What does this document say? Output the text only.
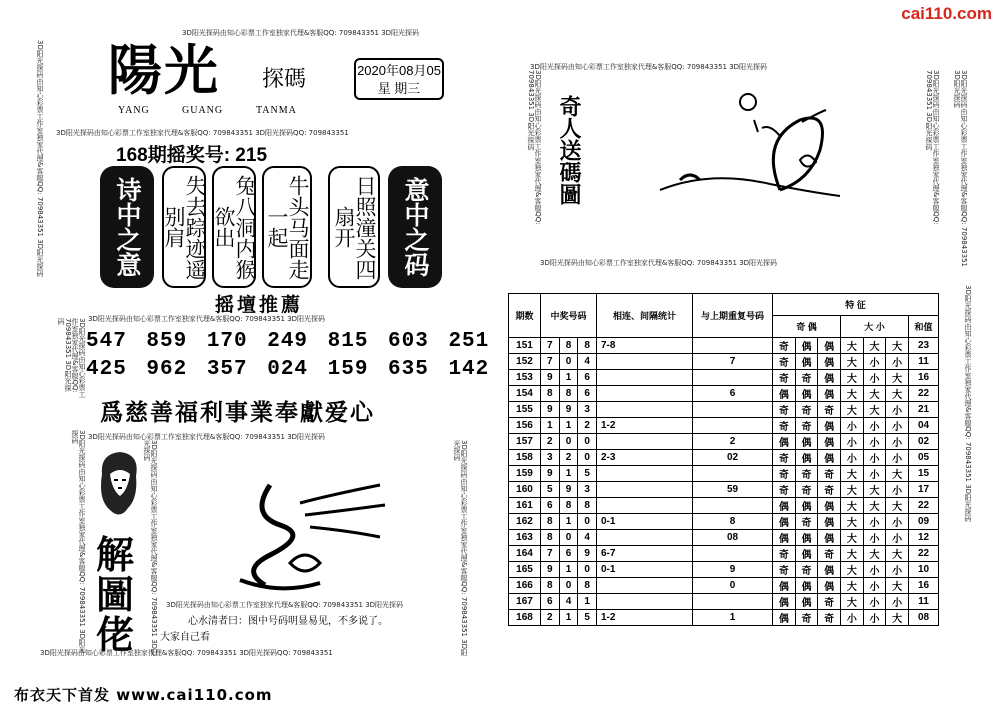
cai110.com
3D阳光探码由知心彩票工作室独家代理&客服QQ: 709843351 3D阳光探码
3D阳光探码由知心彩票工作室独家代理&客服QQ: 709843351 3D阳光探码 陽光 探碼
YANG	GUANG	TANMA
2020年08月05
星 期三
3D阳光探码由知心彩票工作室独家代理&客服QQ: 709843351 3D阳光探码QQ: 709843351
168期摇奖号: 215
诗中之意	失去踪迹遥别肩	兔八洞内猴欲出	牛头马面走一起	日照潼关四扇开	意中之码
摇壇推薦
3D阳光探码由知心彩票工作室独家代理&客服QQ: 709843351 3D阳光探码
3D阳光探码由知心彩票工作室独家代理&客服QQ: 709843351 3D阳光探码
547 859 170 249 815 603 251
425 962 357 024 159 635 142
爲慈善福利事業奉獻爱心
3D阳光探码由知心彩票工作室独家代理&客服QQ: 709843351 3D阳光探码
3D阳光探码由知心彩票工作室独家代理&客服QQ: 709843351 3D阳光探码
3D阳光探码由知心彩票工作室独家代理&客服QQ: 709843351 3D阳光探码	3D阳光探码由知心彩票工作室独家代理&客服QQ: 709843351 3D阳光探码
解
圖
佬	心水清者曰：图中号码明显易见，不多说了。
大家自己看
3D阳光探码由知心彩票工作室独家代理&客服QQ: 709843351 3D阳光探码
3D阳光探码由知心彩票工作室独家代理&客服QQ: 709843351 3D阳光探码QQ: 709843351
布衣天下首发 www.cai110.com
3D阳光探码由知心彩票工作室独家代理&客服QQ: 709843351 3D阳光探码
3D阳光探码由知心彩票工作室独家代理&客服QQ: 709843351 3D阳光探码	3D阳光探码由知心彩票工作室独家代理&客服QQ: 709843351 3D阳光探码	3D阳光探码由知心彩票工作室独家代理&客服QQ: 709843351 3D阳光探码
奇人送碼圖
3D阳光探码由知心彩票工作室独家代理&客服QQ: 709843351 3D阳光探码
3D阳光探码由知心彩票工作室独家代理&客服QQ: 709843351 3D阳光探码
期数	中奖号码			相连、间隔统计	与上期重复号码	特 征						
						奇 偶			大 小			和值
151	7	8	8	7-8		奇	偶	偶	大	大	大	23
152	7	0	4		7	奇	偶	偶	大	小	小	11
153	9	1	6			奇	奇	偶	大	小	大	16
154	8	8	6		6	偶	偶	偶	大	大	大	22
155	9	9	3			奇	奇	奇	大	大	小	21
156	1	1	2	1-2		奇	奇	偶	小	小	小	04
157	2	0	0		2	偶	偶	偶	小	小	小	02
158	3	2	0	2-3	02	奇	偶	偶	小	小	小	05
159	9	1	5			奇	奇	奇	大	小	大	15
160	5	9	3		59	奇	奇	奇	大	大	小	17
161	6	8	8			偶	偶	偶	大	大	大	22
162	8	1	0	0-1	8	偶	奇	偶	大	小	小	09
163	8	0	4		08	偶	偶	偶	大	小	小	12
164	7	6	9	6-7		奇	偶	奇	大	大	大	22
165	9	1	0	0-1	9	奇	奇	偶	大	小	小	10
166	8	0	8		0	偶	偶	偶	大	小	大	16
167	6	4	1			偶	偶	奇	大	小	小	11
168	2	1	5	1-2	1	偶	奇	奇	小	小	大	08
